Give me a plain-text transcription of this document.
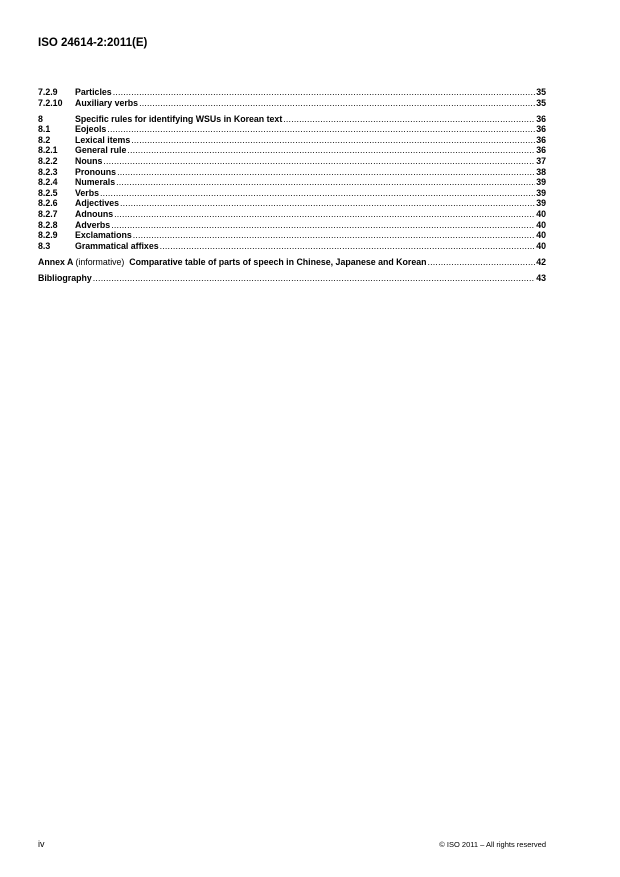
ISO 24614-2:2011(E)
7.2.9	Particles .....	35
7.2.10	Auxiliary verbs .....	35
8	Specific rules for identifying WSUs in Korean text .....	36
8.1	Eojeols .....	36
8.2	Lexical items .....	36
8.2.1	General rule .....	36
8.2.2	Nouns .....	37
8.2.3	Pronouns .....	38
8.2.4	Numerals .....	39
8.2.5	Verbs .....	39
8.2.6	Adjectives .....	39
8.2.7	Adnouns .....	40
8.2.8	Adverbs .....	40
8.2.9	Exclamations .....	40
8.3	Grammatical affixes .....	40
Annex A (informative) Comparative table of parts of speech in Chinese, Japanese and Korean .....	42
Bibliography .....	43
iv	© ISO 2011 – All rights reserved
